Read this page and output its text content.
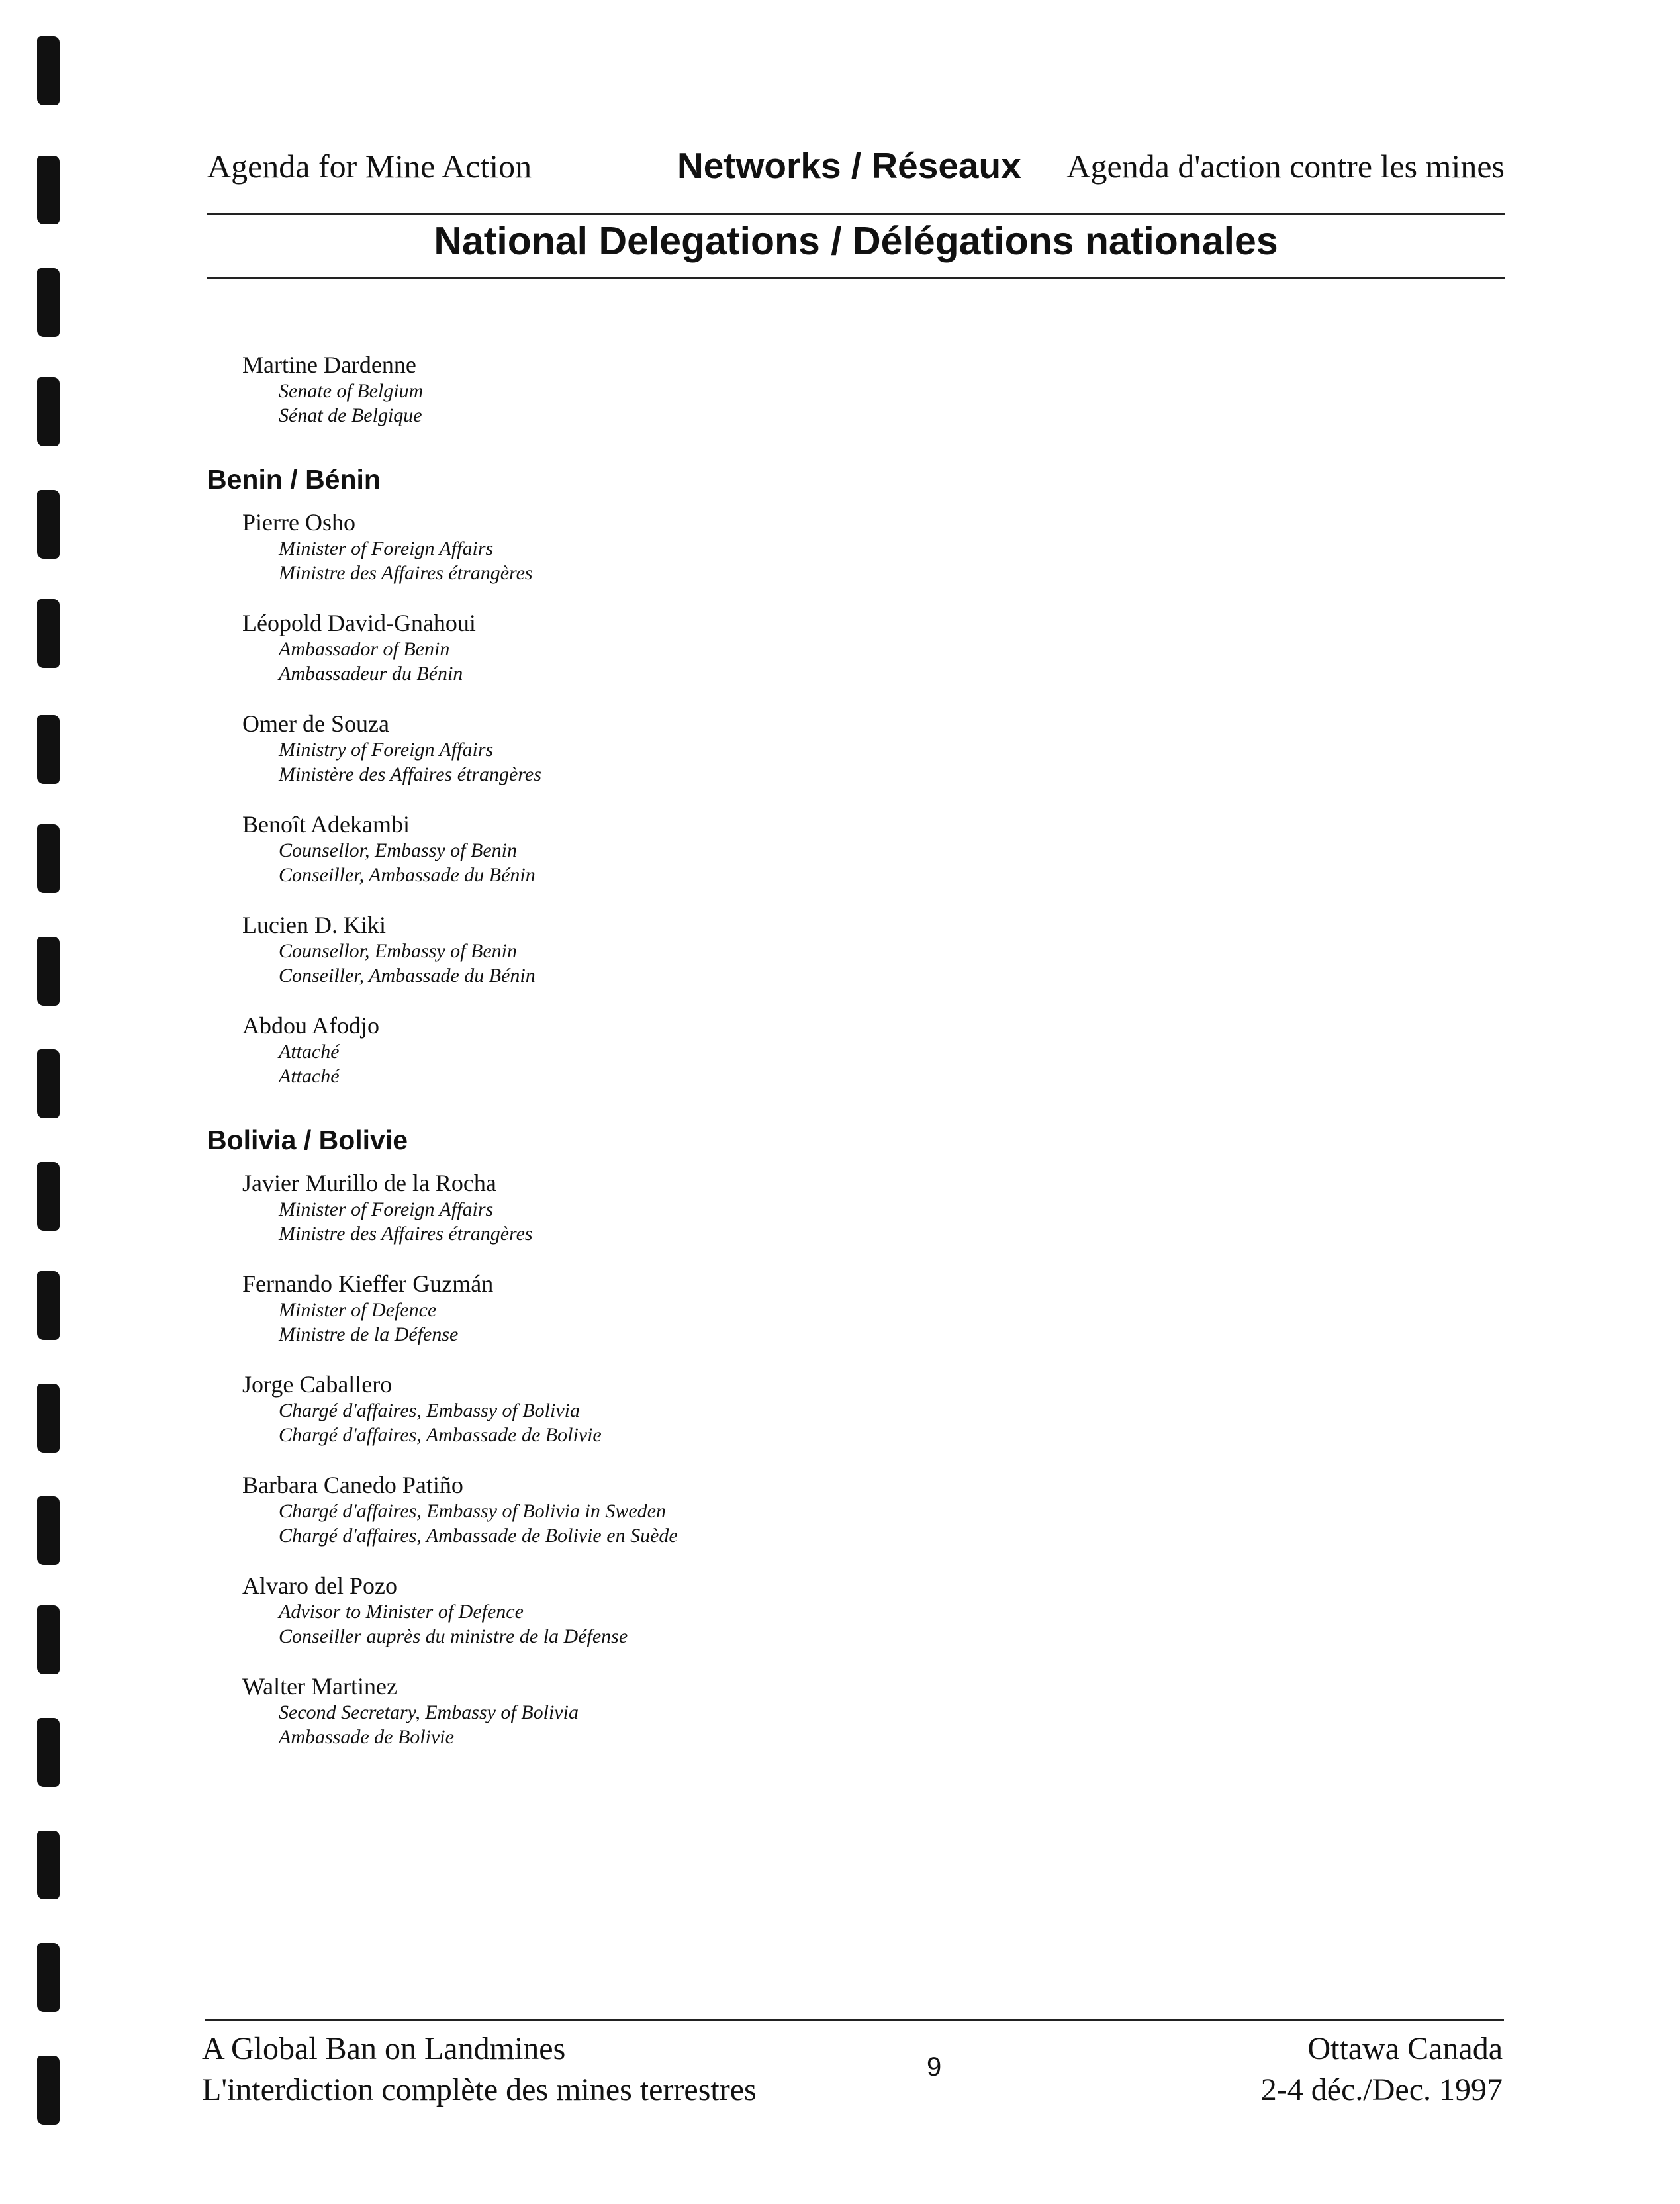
Agenda for Mine Action	Networks / Réseaux Agenda d'action contre les mines
National Delegations / Délégations nationales
Martine Dardenne
Senate of Belgium
Sénat de Belgique
Benin / Bénin
Pierre Osho
Minister of Foreign Affairs
Ministre des Affaires étrangères
Léopold David-Gnahoui
Ambassador of Benin
Ambassadeur du Bénin
Omer de Souza
Ministry of Foreign Affairs
Ministère des Affaires étrangères
Benoît Adekambi
Counsellor, Embassy of Benin
Conseiller, Ambassade du Bénin
Lucien D. Kiki
Counsellor, Embassy of Benin
Conseiller, Ambassade du Bénin
Abdou Afodjo
Attaché
Attaché
Bolivia / Bolivie
Javier Murillo de la Rocha
Minister of Foreign Affairs
Ministre des Affaires étrangères
Fernando Kieffer Guzmán
Minister of Defence
Ministre de la Défense
Jorge Caballero
Chargé d'affaires, Embassy of Bolivia
Chargé d'affaires, Ambassade de Bolivie
Barbara Canedo Patiño
Chargé d'affaires, Embassy of Bolivia in Sweden
Chargé d'affaires, Ambassade de Bolivie en Suède
Alvaro del Pozo
Advisor to Minister of Defence
Conseiller auprès du ministre de la Défense
Walter Martinez
Second Secretary, Embassy of Bolivia
Ambassade de Bolivie
A Global Ban on Landmines
L'interdiction complète des mines terrestres
9
Ottawa Canada
2-4 déc./Dec. 1997
